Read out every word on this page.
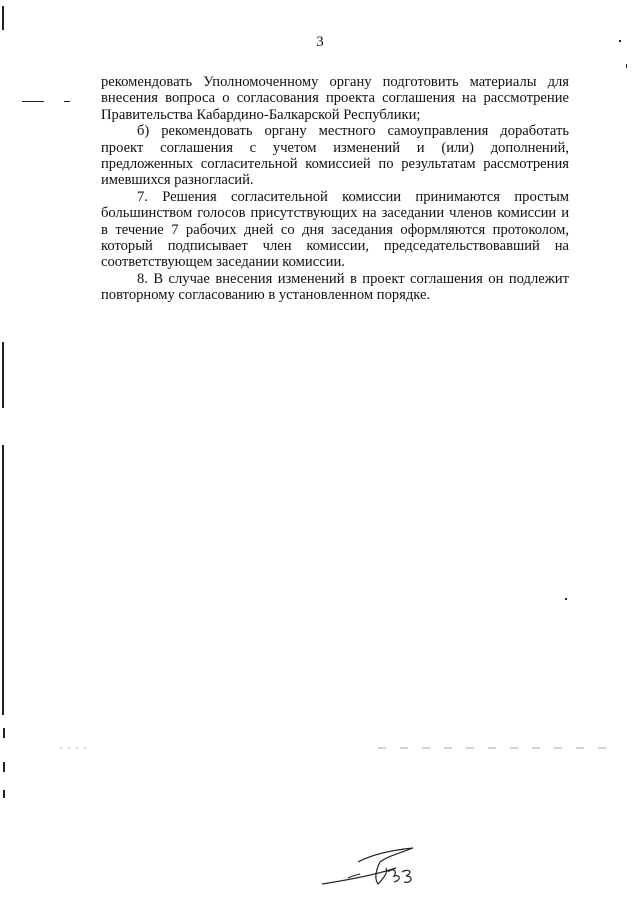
3

рекомендовать Уполномоченному органу подготовить материалы для внесения вопроса о согласования проекта соглашения на рассмотрение Правительства Кабардино-Балкарской Республики;

б) рекомендовать органу местного самоуправления доработать проект соглашения с учетом изменений и (или) дополнений, предложенных согласительной комиссией по результатам рассмотрения имевшихся разногласий.

7. Решения согласительной комиссии принимаются простым большинством голосов присутствующих на заседании членов комиссии и в течение 7 рабочих дней со дня заседания оформляются протоколом, который подписывает член комиссии, председательствовавший на соответствующем заседании комиссии.

8. В случае внесения изменений в проект соглашения он подлежит повторному согласованию в установленном порядке.
